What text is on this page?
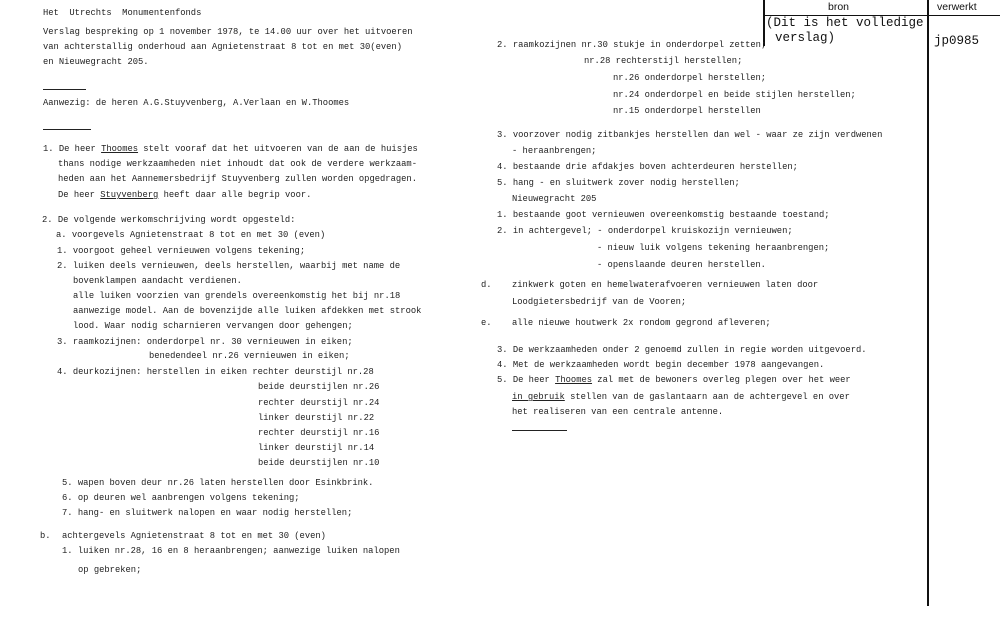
bron	verwerkt
(Dit is het volledige
verslag)	jp0985
Het  Utrechts  Monumentenfonds
Verslag bespreking op 1 november 1978, te 14.00 uur over het uitvoeren
van achterstallig onderhoud aan Agnietenstraat 8 tot en met 30(even)
en Nieuwegracht 205.
Aanwezig: de heren A.G.Stuyvenberg, A.Verlaan en W.Thoomes
1. De heer Thoomes stelt vooraf dat het uitvoeren van de aan de huisjes
thans nodige werkzaamheden niet inhoudt dat ook de verdere werkzaam-
heden aan het Aannemersbedrijf Stuyvenberg zullen worden opgedragen.
De heer Stuyvenberg heeft daar alle begrip voor.
2. De volgende werkomschrijving wordt opgesteld:
a. voorgevels Agnietenstraat 8 tot en met 30 (even)
1. voorgoot geheel vernieuwen volgens tekening;
2. luiken deels vernieuwen, deels herstellen, waarbij met name de
bovenklampen aandacht verdienen.
alle luiken voorzien van grendels overeenkomstig het bij nr.18
aanwezige model. Aan de bovenzijde alle luiken afdekken met strook
lood. Waar nodig scharnieren vervangen door gehengen;
3. raamkozijnen: onderdorpel nr. 30 vernieuwen in eiken;
benedendeel nr.26 vernieuwen in eiken;
4. deurkozijnen: herstellen in eiken rechter deurstijl nr.28
beide deurstijlen nr.26
rechter deurstijl nr.24
linker deurstijl nr.22
rechter deurstijl nr.16
linker deurstijl nr.14
beide deurstijlen nr.10
5. wapen boven deur nr.26 laten herstellen door Esinkbrink.
6. op deuren wel aanbrengen volgens tekening;
7. hang- en sluitwerk nalopen en waar nodig herstellen;
b. achtergevels Agnietenstraat 8 tot en met 30 (even)
1. luiken nr.28, 16 en 8 heraanbrengen; aanwezige luiken nalopen
op gebreken;
2. raamkozijnen nr.30 stukje in onderdorpel zetten;
nr.28 rechterstijl herstellen;
nr.26 onderdorpel herstellen;
nr.24 onderdorpel en beide stijlen herstellen;
nr.15 onderdorpel herstellen
3. voorzover nodig zitbankjes herstellen dan wel - waar ze zijn verdwenen
- heraanbrengen;
4. bestaande drie afdakjes boven achterdeuren herstellen;
5. hang - en sluitwerk zover nodig herstellen;
Nieuwegracht 205
1. bestaande goot vernieuwen overeenkomstig bestaande toestand;
2. in achtergevel; - onderdorpel kruiskozijn vernieuwen;
- nieuw luik volgens tekening heraanbrengen;
- openslaande deuren herstellen.
d. zinkwerk goten en hemelwaterafvoeren vernieuwen laten door
Loodgietersbedrijf van de Vooren;
e. alle nieuwe houtwerk 2x rondom gegrond afleveren;
3. De werkzaamheden onder 2 genoemd zullen in regie worden uitgevoerd.
4. Met de werkzaamheden wordt begin december 1978 aangevangen.
5. De heer Thoomes zal met de bewoners overleg plegen over het weer
in gebruik stellen van de gaslantaarn aan de achtergevel en over
het realiseren van een centrale antenne.
